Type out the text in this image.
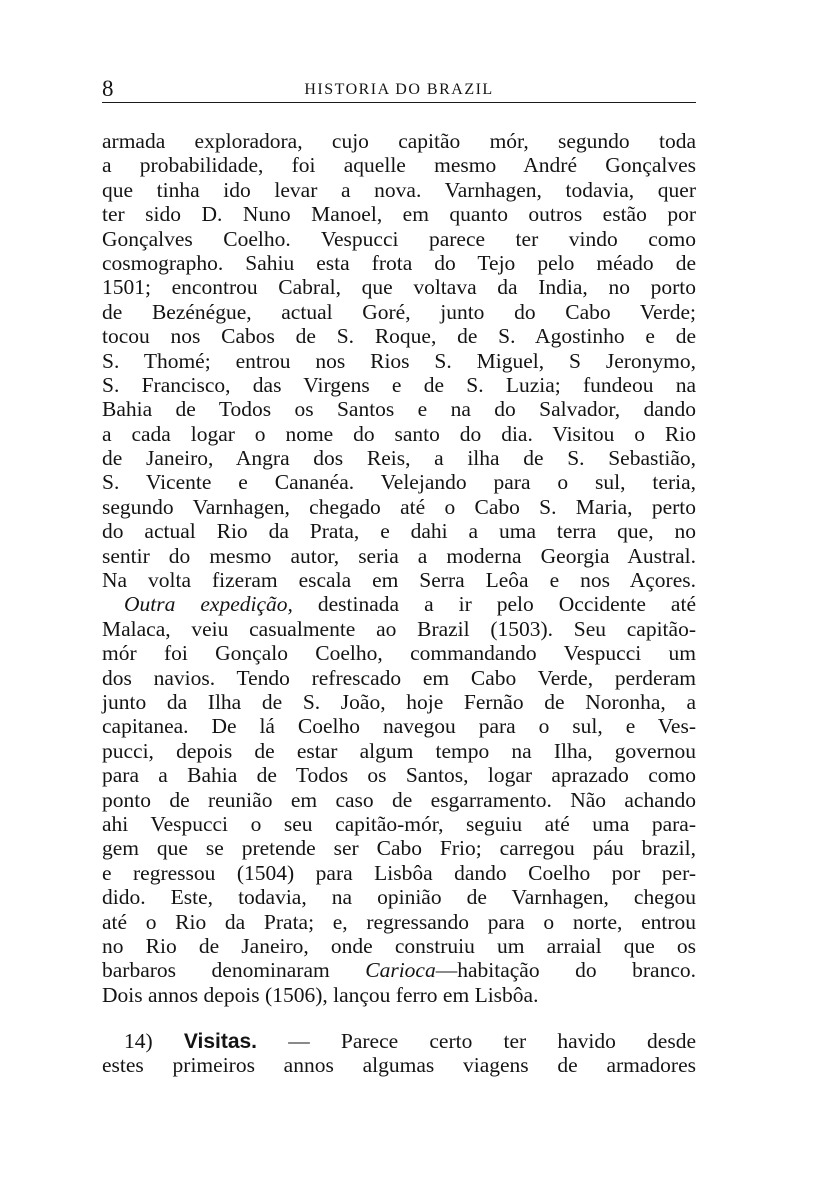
8	HISTORIA DO BRAZIL
armada exploradora, cujo capitão mór, segundo toda
a probabilidade, foi aquelle mesmo André Gonçalves
que tinha ido levar a nova. Varnhagen, todavia, quer
ter sido D. Nuno Manoel, em quanto outros estão por
Gonçalves Coelho. Vespucci parece ter vindo como
cosmographo. Sahiu esta frota do Tejo pelo méado de
1501; encontrou Cabral, que voltava da India, no porto
de Bezénégue, actual Goré, junto do Cabo Verde;
tocou nos Cabos de S. Roque, de S. Agostinho e de
S. Thomé; entrou nos Rios S. Miguel, S Jeronymo,
S. Francisco, das Virgens e de S. Luzia; fundeou na
Bahia de Todos os Santos e na do Salvador, dando
a cada logar o nome do santo do dia. Visitou o Rio
de Janeiro, Angra dos Reis, a ilha de S. Sebastião,
S. Vicente e Cananéa. Velejando para o sul, teria,
segundo Varnhagen, chegado até o Cabo S. Maria, perto
do actual Rio da Prata, e dahi a uma terra que, no
sentir do mesmo autor, seria a moderna Georgia Austral.
Na volta fizeram escala em Serra Leôa e nos Açores.
Outra expedição, destinada a ir pelo Occidente até
Malaca, veiu casualmente ao Brazil (1503). Seu capitão-
mór foi Gonçalo Coelho, commandando Vespucci um
dos navios. Tendo refrescado em Cabo Verde, perderam
junto da Ilha de S. João, hoje Fernão de Noronha, a
capitanea. De lá Coelho navegou para o sul, e Ves-
pucci, depois de estar algum tempo na Ilha, governou
para a Bahia de Todos os Santos, logar aprazado como
ponto de reunião em caso de esgarramento. Não achando
ahi Vespucci o seu capitão-mór, seguiu até uma para-
gem que se pretende ser Cabo Frio; carregou páu brazil,
e regressou (1504) para Lisbôa dando Coelho por per-
dido. Este, todavia, na opinião de Varnhagen, chegou
até o Rio da Prata; e, regressando para o norte, entrou
no Rio de Janeiro, onde construiu um arraial que os
barbaros denominaram Carioca—habitação do branco.
Dois annos depois (1506), lançou ferro em Lisbôa.
14) Visitas. — Parece certo ter havido desde
estes primeiros annos algumas viagens de armadores
